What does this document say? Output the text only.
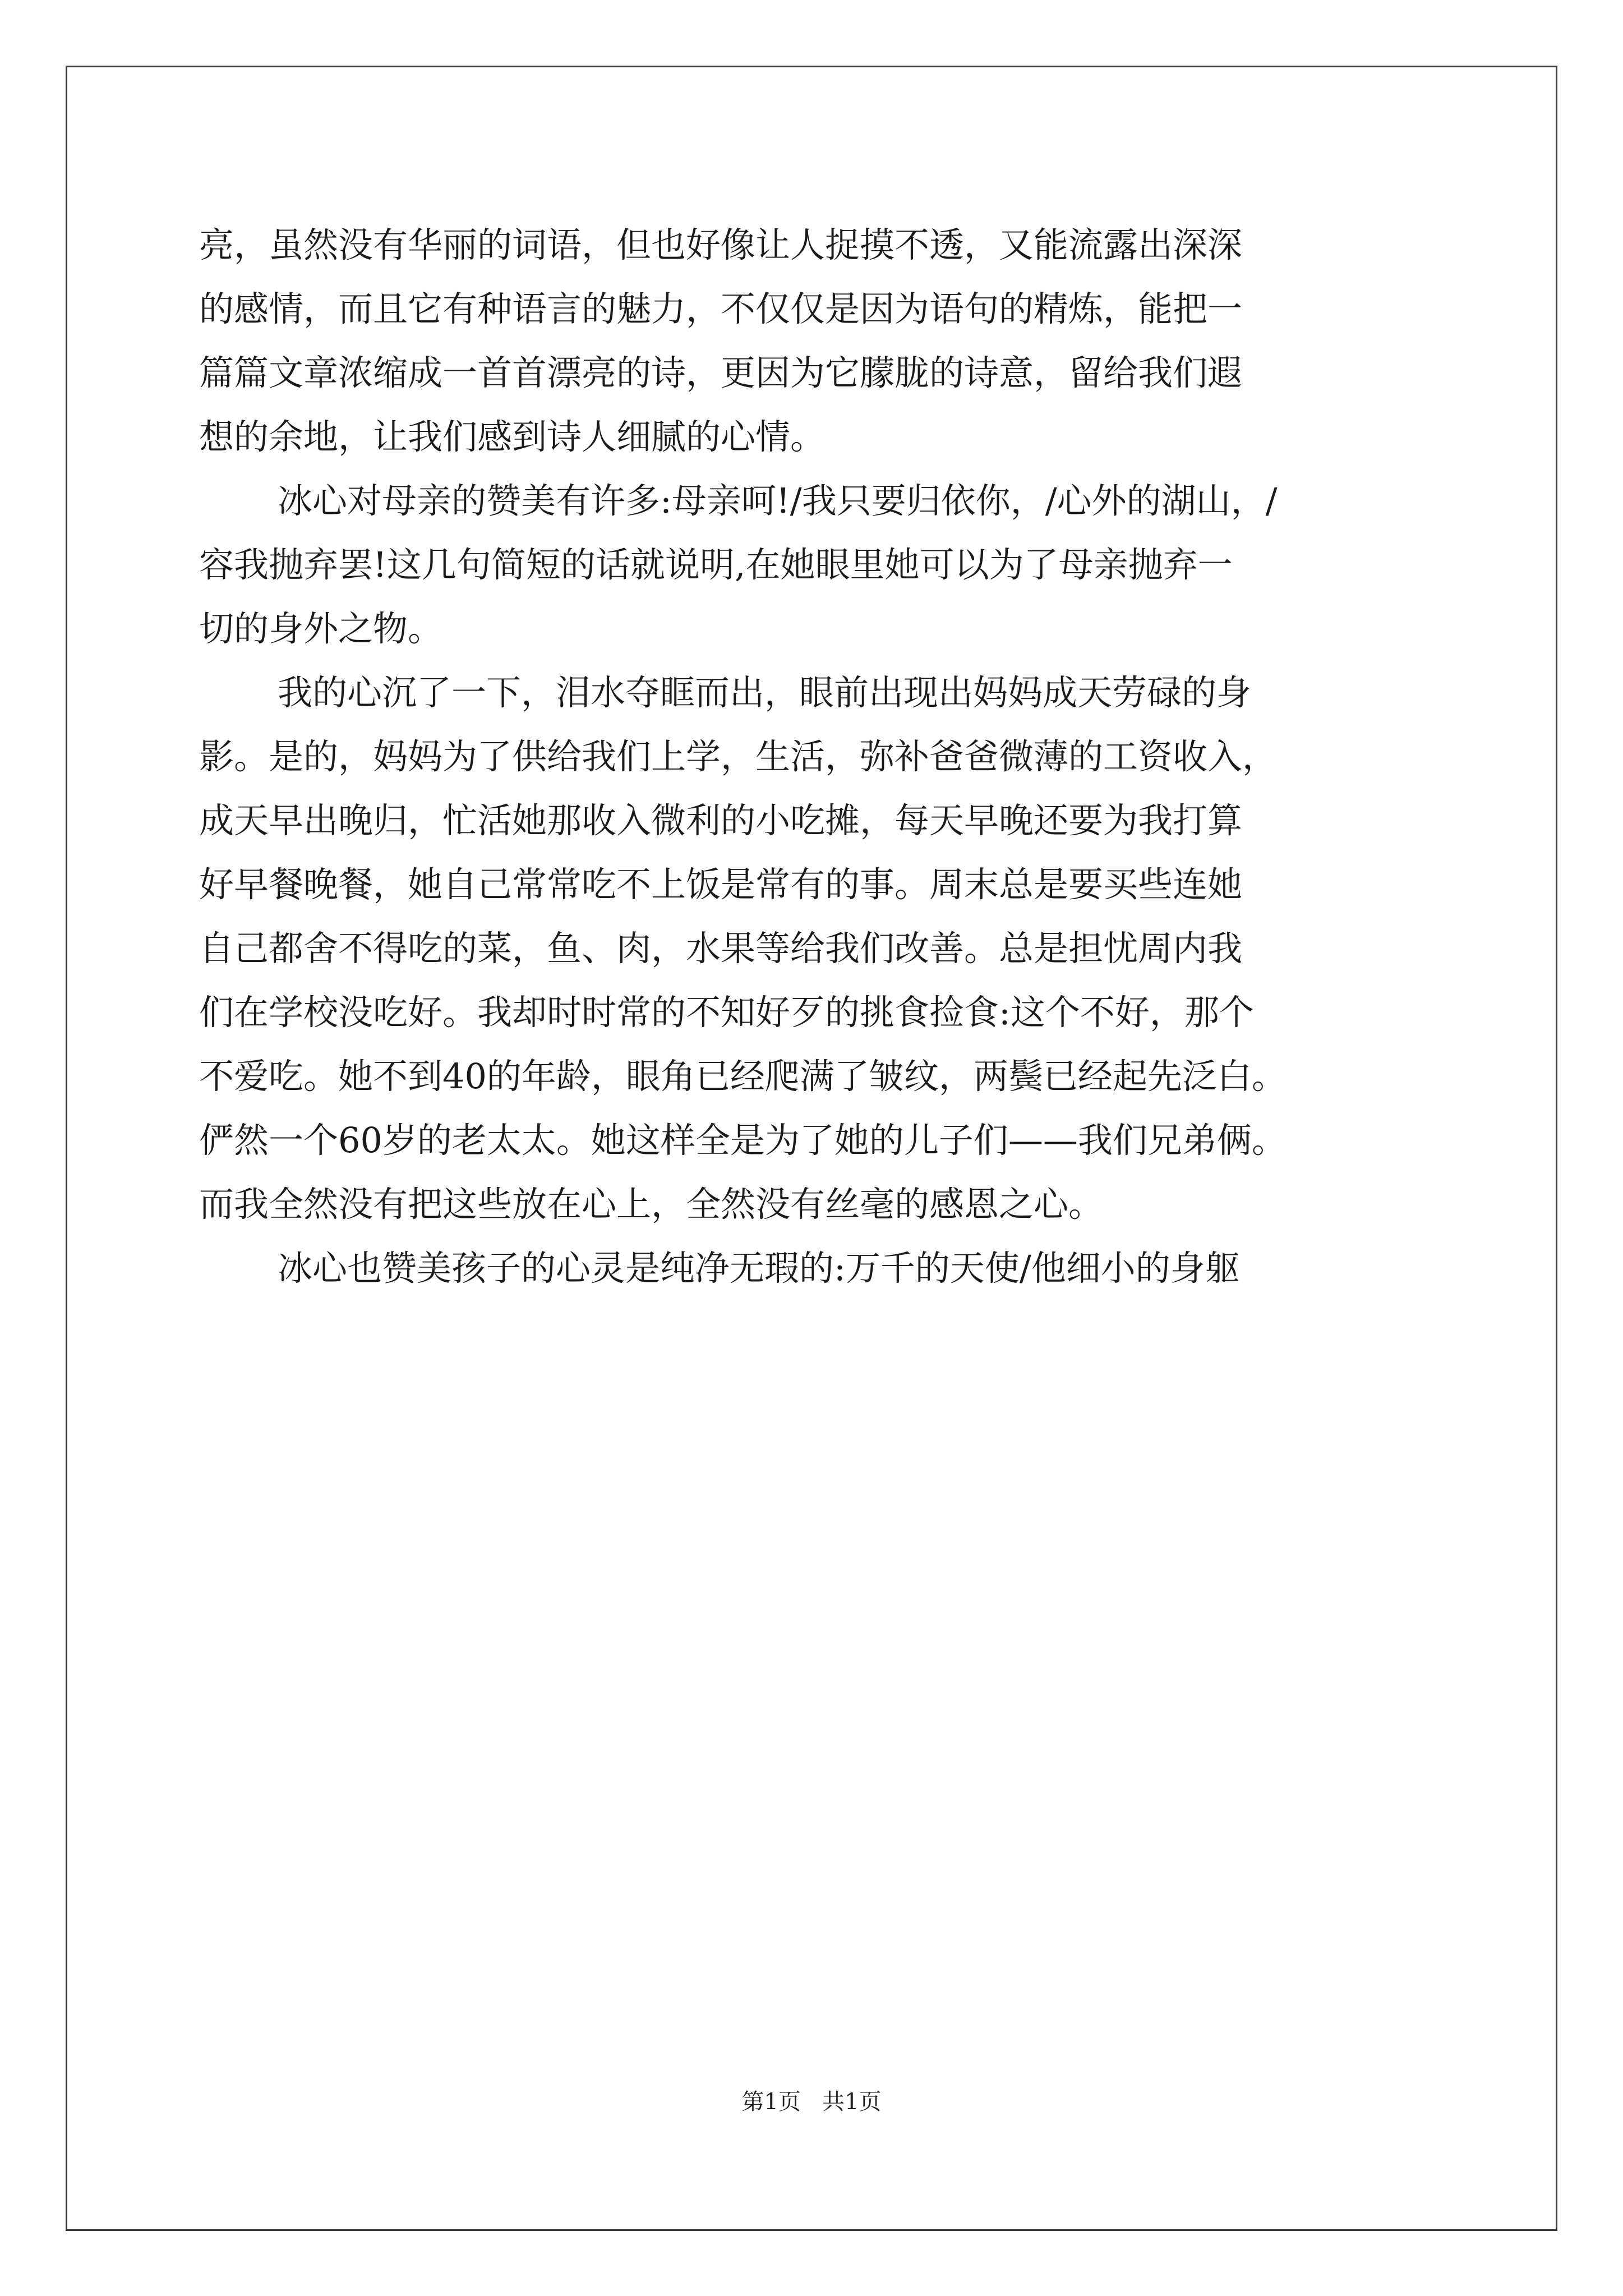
亮，虽然没有华丽的词语，但也好像让人捉摸不透，又能流露出深深
的感情，而且它有种语言的魅力，不仅仅是因为语句的精炼，能把一
篇篇文章浓缩成一首首漂亮的诗，更因为它朦胧的诗意，留给我们遐
想的余地，让我们感到诗人细腻的心情。
冰心对母亲的赞美有许多:母亲呵!/我只要归依你，/心外的湖山，/
容我抛弃罢!这几句简短的话就说明,在她眼里她可以为了母亲抛弃一
切的身外之物。
我的心沉了一下，泪水夺眶而出，眼前出现出妈妈成天劳碌的身
影。是的，妈妈为了供给我们上学，生活，弥补爸爸微薄的工资收入，
成天早出晚归，忙活她那收入微利的小吃摊，每天早晚还要为我打算
好早餐晚餐，她自己常常吃不上饭是常有的事。周末总是要买些连她
自己都舍不得吃的菜，鱼、肉，水果等给我们改善。总是担忧周内我
们在学校没吃好。我却时时常的不知好歹的挑食捡食:这个不好，那个
不爱吃。她不到40的年龄，眼角已经爬满了皱纹，两鬓已经起先泛白。
俨然一个60岁的老太太。她这样全是为了她的儿子们——我们兄弟俩。
而我全然没有把这些放在心上，全然没有丝毫的感恩之心。
冰心也赞美孩子的心灵是纯净无瑕的:万千的天使/他细小的身躯
第1页   共1页
